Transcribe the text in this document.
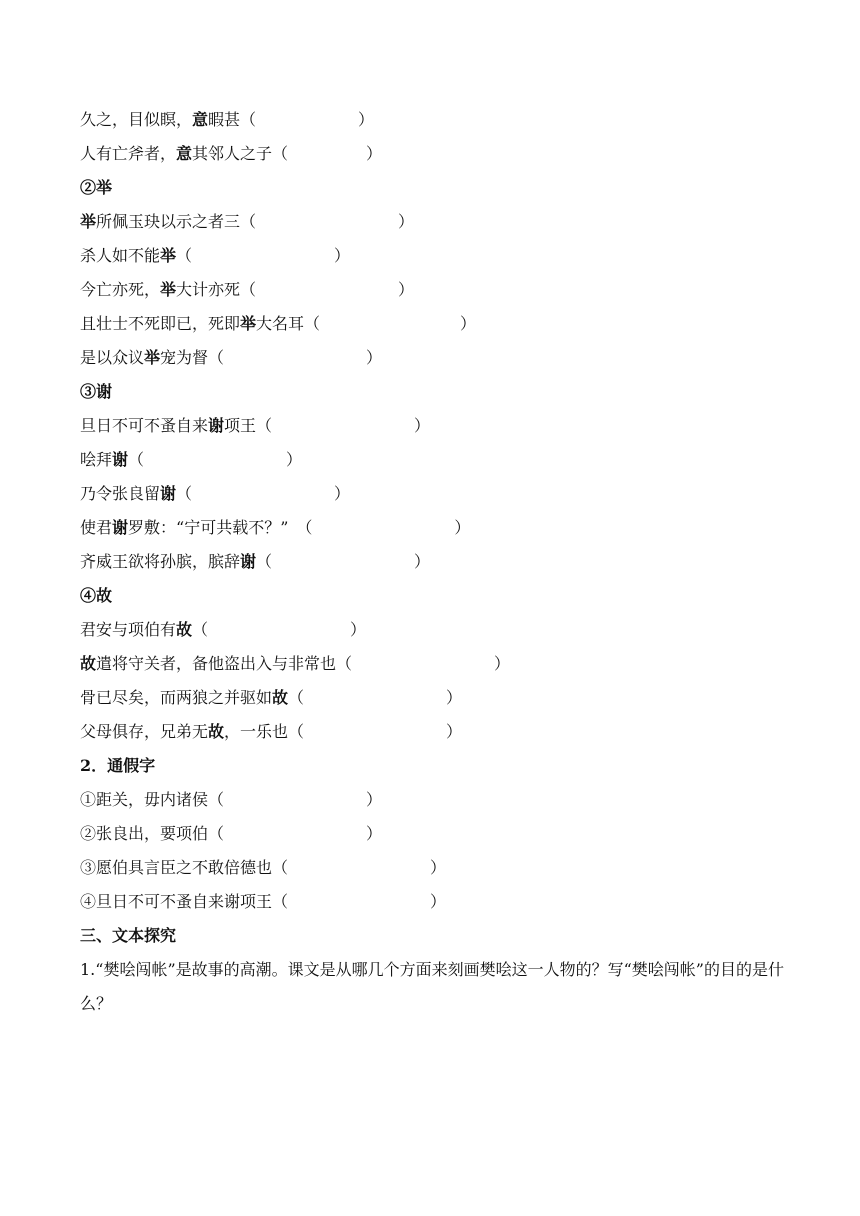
久之，目似瞑，意暇甚（	）
人有亡斧者，意其邻人之子（	）
②举
举所佩玉玦以示之者三（	）
杀人如不能举（	）
今亡亦死，举大计亦死（	）
且壮士不死即已，死即举大名耳（	）
是以众议举宠为督（	）
③谢
旦日不可不蚤自来谢项王（	）
哙拜谢（	）
乃令张良留谢（	）
使君谢罗敷：“宁可共载不？”　（	）
齐威王欲将孙膑，膑辞谢（	）
④故
君安与项伯有故（	）
故遣将守关者，备他盗出入与非常也（	）
骨已尽矣，而两狼之并驱如故（	）
父母俱存，兄弟无故，一乐也（	）
2．通假字
①距关，毋内诸侯（	）
②张良出，要项伯（	）
③愿伯具言臣之不敢倍德也（	）
④旦日不可不蚤自来谢项王（	）
三、文本探究
1.“樊哙闯帐”是故事的高潮。课文是从哪几个方面来刻画樊哙这一人物的？写“樊哙闯帐”的目的是什么？
